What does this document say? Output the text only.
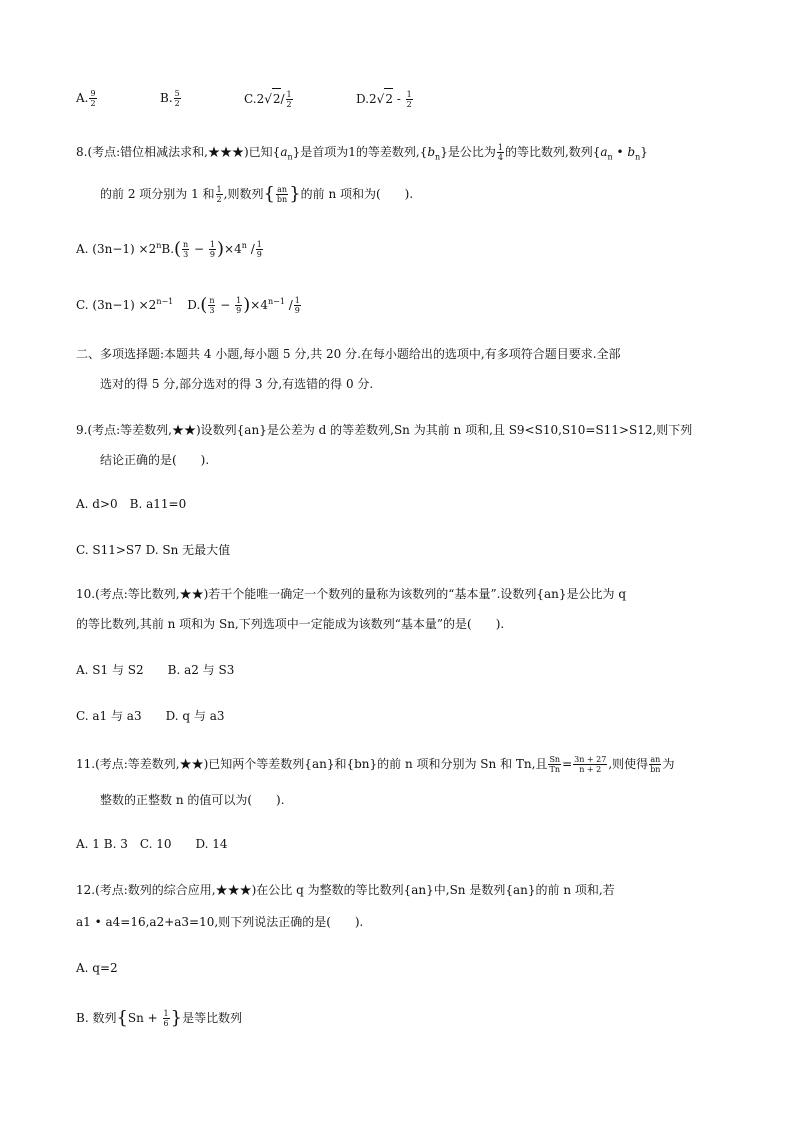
A. $\frac{9}{2}$	B. $\frac{5}{2}$	$C.2√2/ \frac{1}{2}$	$D.2√2 - \frac{1}{2}$
8.(考点:错位相减法求和,★★★)已知$\{a_n\}$是首项为1的等差数列$,\{b_n\}$是公比为 $\frac{1}{4}$ 的等比数列,数列{$a_n$ • $b_n$}
的前 2 项分别为 1 和 $\frac{1}{2}$ ,则数列{ $\frac{an}{bn}$ }的前 n 项和为(　　).
A. $(3n-1) \times 2^nB.( \frac{n}{3} - \frac{1}{9} )\times 4^n / \frac{1}{9}$
C. $(3n-1) \times 2^{n-1}$ $D.( \frac{n}{3} - \frac{1}{9} )\times 4^{n-1} / \frac{1}{9}$
二、多项选择题:本题共 4 小题,每小题 5 分,共 20 分.在每小题给出的选项中,有多项符合题目要求.全部
选对的得 5 分,部分选对的得 3 分,有选错的得 0 分.
9.(考点:等差数列,★★)设数列{an}是公差为 d 的等差数列,Sn 为其前 n 项和,且 S9<S10,S10=S11>S12,则下列
结论正确的是(　　).
A. d>0　B. a11=0
C. S11>S7 D. Sn 无最大值
10.(考点:等比数列,★★)若干个能唯一确定一个数列的量称为该数列的“基本量”.设数列{an}是公比为 q
的等比数列,其前 n 项和为 Sn,下列选项中一定能成为该数列“基本量”的是(　　).
A. S1 与 S2　　B. a2 与 S3
C. a1 与 a3　　D. q 与 a3
11.(考点:等差数列,★★)已知两个等差数列{an}和{bn}的前 n 项和分别为 Sn 和 Tn,且 $\frac{Sn}{Tn} = \frac{3n + 27}{n + 2}$ ,则使得 $\frac{an}{bn}$ 为
整数的正整数 n 的值可以为(　　).
A. 1 B. 3　C. 10　　D. 14
12.(考点:数列的综合应用,★★★)在公比 q 为整数的等比数列{an}中,Sn 是数列{an}的前 n 项和,若
a1 • a4=16,a2+a3=10,则下列说法正确的是(　　).
A. q=2
B. 数列{$Sn + \frac{1}{6}$ }是等比数列
